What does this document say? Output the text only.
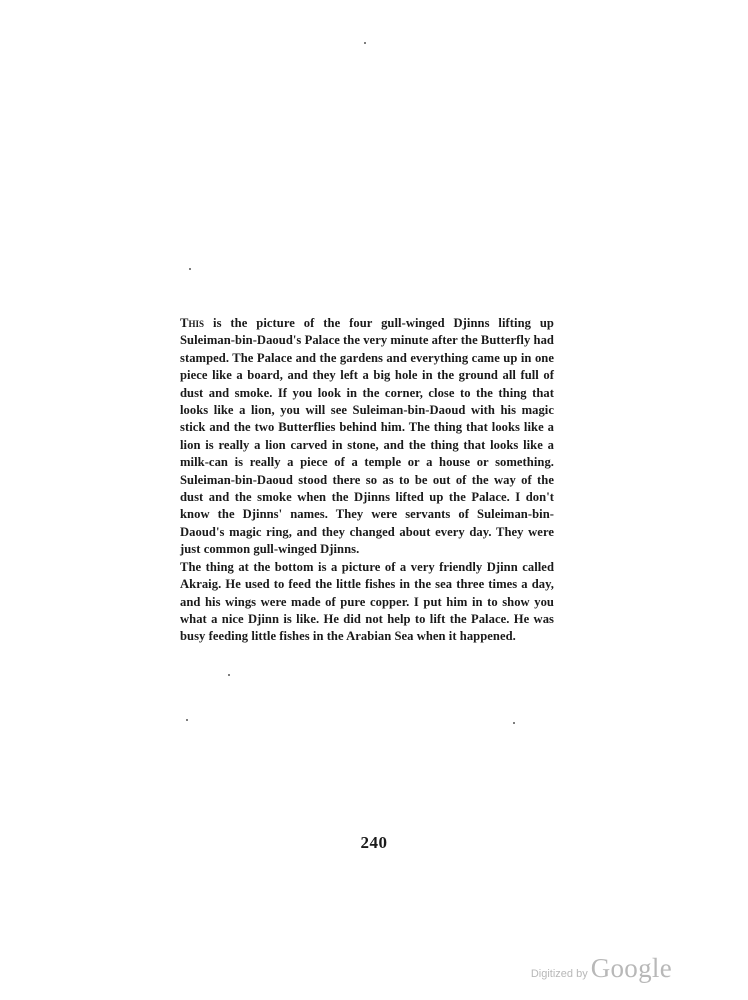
This is the picture of the four gull-winged Djinns lifting up Suleiman-bin-Daoud's Palace the very minute after the Butterfly had stamped. The Palace and the gardens and everything came up in one piece like a board, and they left a big hole in the ground all full of dust and smoke. If you look in the corner, close to the thing that looks like a lion, you will see Suleiman-bin-Daoud with his magic stick and the two Butterflies behind him. The thing that looks like a lion is really a lion carved in stone, and the thing that looks like a milk-can is really a piece of a temple or a house or something. Suleiman-bin-Daoud stood there so as to be out of the way of the dust and the smoke when the Djinns lifted up the Palace. I don't know the Djinns' names. They were servants of Suleiman-bin-Daoud's magic ring, and they changed about every day. They were just common gull-winged Djinns.

The thing at the bottom is a picture of a very friendly Djinn called Akraig. He used to feed the little fishes in the sea three times a day, and his wings were made of pure copper. I put him in to show you what a nice Djinn is like. He did not help to lift the Palace. He was busy feeding little fishes in the Arabian Sea when it happened.

240
Digitized by Google
